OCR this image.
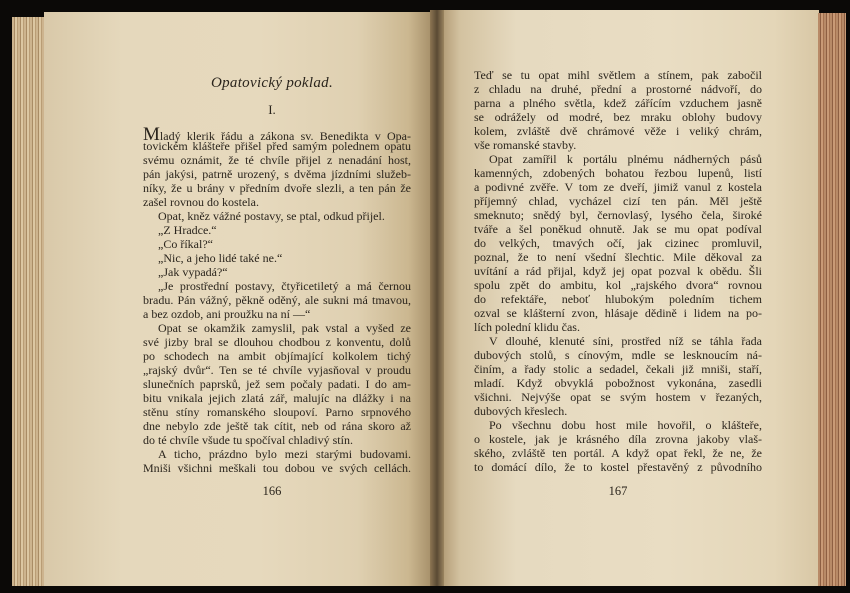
Opatovický poklad.
I.
Mladý klerik řádu a zákona sv. Benedikta v Opa-
tovickém klášteře přišel před samým polednem opatu
svému oznámit, že té chvíle přijel z nenadání host,
pán jakýsi, patrně urozený, s dvěma jízdními služeb-
níky, že u brány v předním dvoře slezli, a ten pán že
zašel rovnou do kostela.
Opat, kněz vážné postavy, se ptal, odkud přijel.
„Z Hradce.“
„Co říkal?“
„Nic, a jeho lidé také ne.“
„Jak vypadá?“
„Je prostřední postavy, čtyřicetiletý a má černou
bradu. Pán vážný, pěkně oděný, ale sukni má tmavou,
a bez ozdob, ani proužku na ní —“
Opat se okamžik zamyslil, pak vstal a vyšed ze
své jizby bral se dlouhou chodbou z konventu, dolů
po schodech na ambit objímající kolkolem tichý
„rajský dvůr“. Ten se té chvíle vyjasňoval v proudu
slunečních paprsků, jež sem počaly padati. I do am-
bitu vnikala jejich zlatá zář, malujíc na dlážky i na
stěnu stíny romanského sloupoví. Parno srpnového
dne nebylo zde ještě tak cítit, neb od rána skoro až
do té chvíle všude tu spočíval chladivý stín.
A ticho, prázdno bylo mezi starými budovami.
Mniši všichni meškali tou dobou ve svých cellách.
Teď se tu opat mihl světlem a stínem, pak zabočil
z chladu na druhé, přední a prostorné nádvoří, do
parna a plného světla, kdež zářícím vzduchem jasně
se odrážely od modré, bez mraku oblohy budovy
kolem, zvláště dvě chrámové věže i veliký chrám,
vše romanské stavby.
Opat zamířil k portálu plnému nádherných pásů
kamenných, zdobených bohatou řezbou lupenů, listí
a podivné zvěře. V tom ze dveří, jimiž vanul z kostela
příjemný chlad, vycházel cizí ten pán. Měl ještě
smeknuto; snědý byl, černovlasý, lysého čela, široké
tváře a šel poněkud ohnutě. Jak se mu opat podíval
do velkých, tmavých očí, jak cizinec promluvil,
poznal, že to není všední šlechtic. Mile děkoval za
uvítání a rád přijal, když jej opat pozval k obědu. Šli
spolu zpět do ambitu, kol „rajského dvora“ rovnou
do refektáře, neboť hlubokým poledním tichem
ozval se klášterní zvon, hlásaje dědině i lidem na po-
lích polední klidu čas.
V dlouhé, klenuté síni, prostřed níž se táhla řada
dubových stolů, s cínovým, mdle se lesknoucím ná-
činím, a řady stolic a sedadel, čekali již mniši, staří,
mladí. Když obvyklá pobožnost vykonána, zasedli
všichni. Nejvýše opat se svým hostem v řezaných,
dubových křeslech.
Po všechnu dobu host mile hovořil, o klášteře,
o kostele, jak je krásného díla zrovna jakoby vlaš-
ského, zvláště ten portál. A když opat řekl, že ne, že
to domácí dílo, že to kostel přestavěný z původního
166	167
